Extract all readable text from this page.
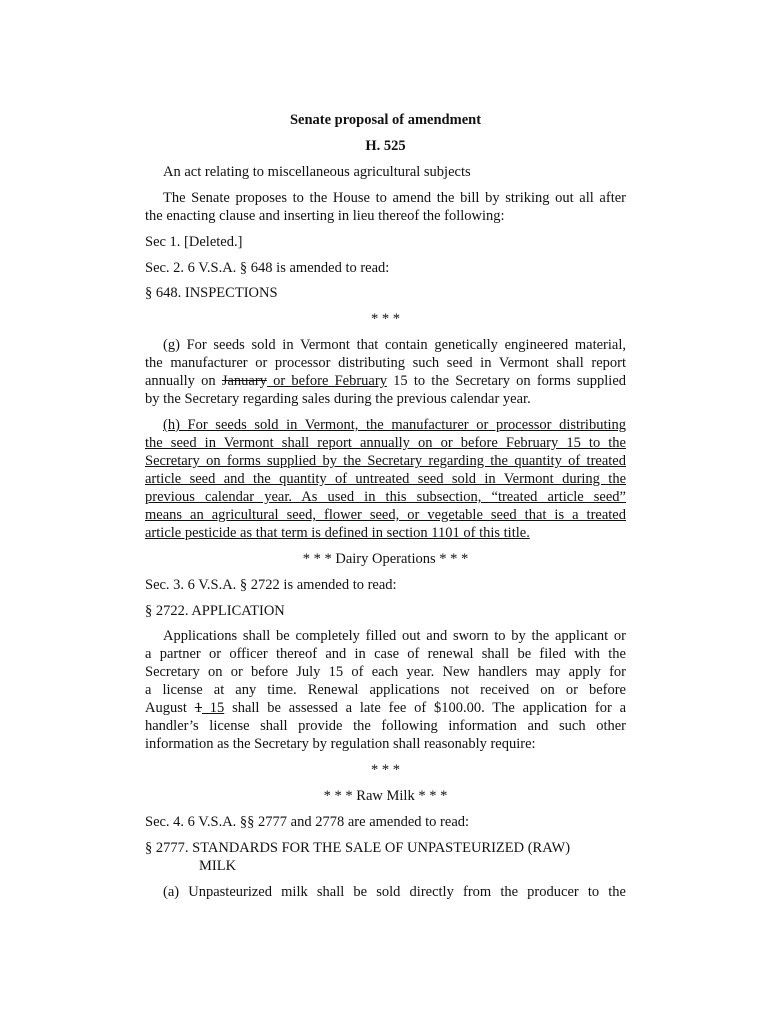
Senate proposal of amendment
H. 525
An act relating to miscellaneous agricultural subjects
The Senate proposes to the House to amend the bill by striking out all after
the enacting clause and inserting in lieu thereof the following:
Sec 1. [Deleted.]
Sec. 2. 6 V.S.A. § 648 is amended to read:
§ 648. INSPECTIONS
* * *
(g) For seeds sold in Vermont that contain genetically engineered material,
the manufacturer or processor distributing such seed in Vermont shall report
annually on January or before February 15 to the Secretary on forms supplied
by the Secretary regarding sales during the previous calendar year.
(h) For seeds sold in Vermont, the manufacturer or processor distributing
the seed in Vermont shall report annually on or before February 15 to the
Secretary on forms supplied by the Secretary regarding the quantity of treated
article seed and the quantity of untreated seed sold in Vermont during the
previous calendar year. As used in this subsection, “treated article seed”
means an agricultural seed, flower seed, or vegetable seed that is a treated
article pesticide as that term is defined in section 1101 of this title.
* * * Dairy Operations * * *
Sec. 3. 6 V.S.A. § 2722 is amended to read:
§ 2722. APPLICATION
Applications shall be completely filled out and sworn to by the applicant or
a partner or officer thereof and in case of renewal shall be filed with the
Secretary on or before July 15 of each year. New handlers may apply for
a license at any time. Renewal applications not received on or before
August 1 15 shall be assessed a late fee of $100.00. The application for a
handler’s license shall provide the following information and such other
information as the Secretary by regulation shall reasonably require:
* * *
* * * Raw Milk * * *
Sec. 4. 6 V.S.A. §§ 2777 and 2778 are amended to read:
§ 2777. STANDARDS FOR THE SALE OF UNPASTEURIZED (RAW)
MILK
(a) Unpasteurized milk shall be sold directly from the producer to the
